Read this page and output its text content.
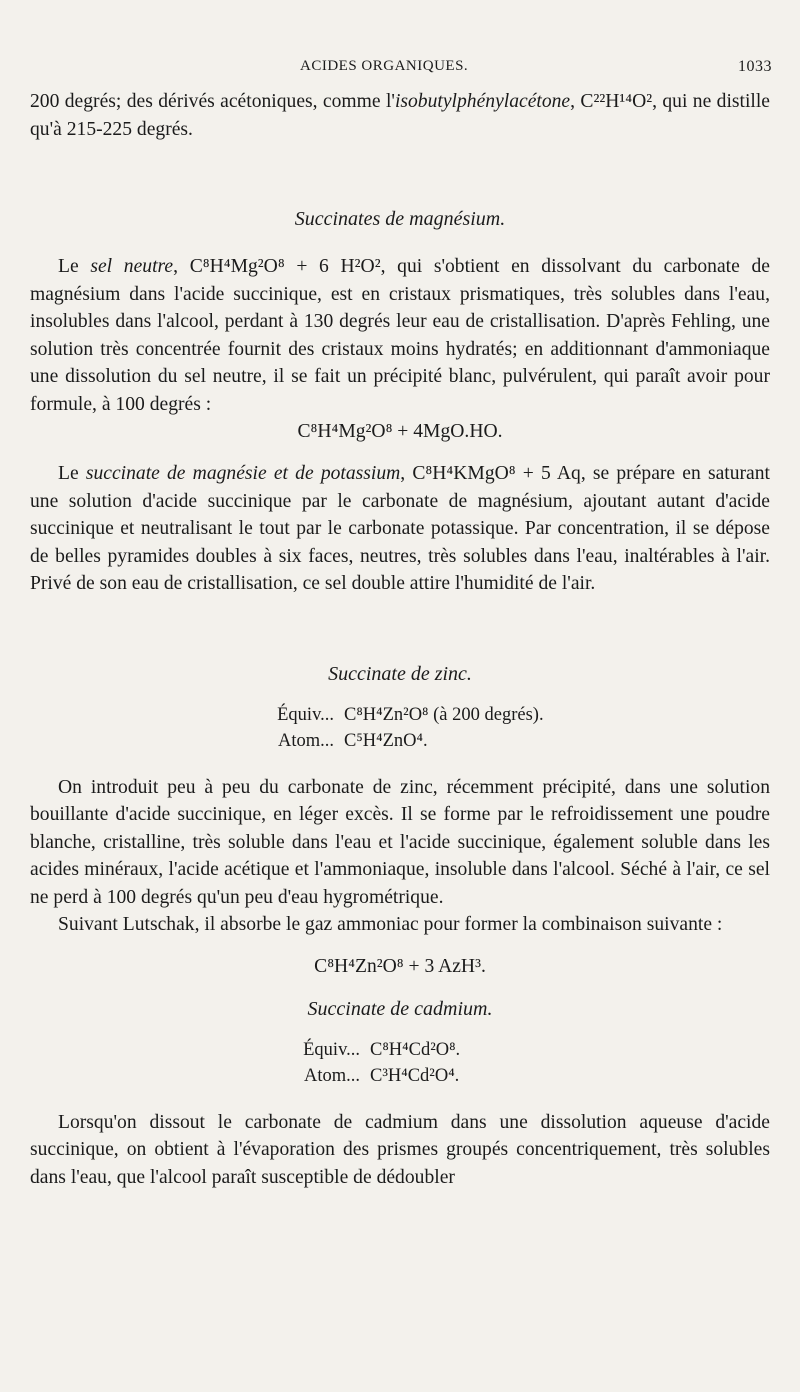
ACIDES ORGANIQUES.	1033

200 degrés; des dérivés acétoniques, comme l'isobutylphénylacétone, C²²H¹⁴O², qui ne distille qu'à 215-225 degrés.

Succinates de magnésium.

Le sel neutre, C⁸H⁴Mg²O⁸ + 6 H²O², qui s'obtient en dissolvant du carbonate de magnésium dans l'acide succinique, est en cristaux prismatiques, très solubles dans l'eau, insolubles dans l'alcool, perdant à 130 degrés leur eau de cristallisation. D'après Fehling, une solution très concentrée fournit des cristaux moins hydratés; en additionnant d'ammoniaque une dissolution du sel neutre, il se fait un précipité blanc, pulvérulent, qui paraît avoir pour formule, à 100 degrés :

C⁸H⁴Mg²O⁸ + 4MgO.HO.

Le succinate de magnésie et de potassium, C⁸H⁴KMgO⁸ + 5 Aq, se prépare en saturant une solution d'acide succinique par le carbonate de magnésium, ajoutant autant d'acide succinique et neutralisant le tout par le carbonate potassique. Par concentration, il se dépose de belles pyramides doubles à six faces, neutres, très solubles dans l'eau, inaltérables à l'air. Privé de son eau de cristallisation, ce sel double attire l'humidité de l'air.

Succinate de zinc.

Équiv... C⁸H⁴Zn²O⁸ (à 200 degrés).

Atom... C⁵H⁴ZnO⁴.

On introduit peu à peu du carbonate de zinc, récemment précipité, dans une solution bouillante d'acide succinique, en léger excès. Il se forme par le refroidissement une poudre blanche, cristalline, très soluble dans l'eau et l'acide succinique, également soluble dans les acides minéraux, l'acide acétique et l'ammoniaque, insoluble dans l'alcool. Séché à l'air, ce sel ne perd à 100 degrés qu'un peu d'eau hygrométrique.

Suivant Lutschak, il absorbe le gaz ammoniac pour former la combinaison suivante :

C⁸H⁴Zn²O⁸ + 3 AzH³.

Succinate de cadmium.

Équiv... C⁸H⁴Cd²O⁸.

Atom... C³H⁴Cd²O⁴.

Lorsqu'on dissout le carbonate de cadmium dans une dissolution aqueuse d'acide succinique, on obtient à l'évaporation des prismes groupés concentriquement, très solubles dans l'eau, que l'alcool paraît susceptible de dédoubler
